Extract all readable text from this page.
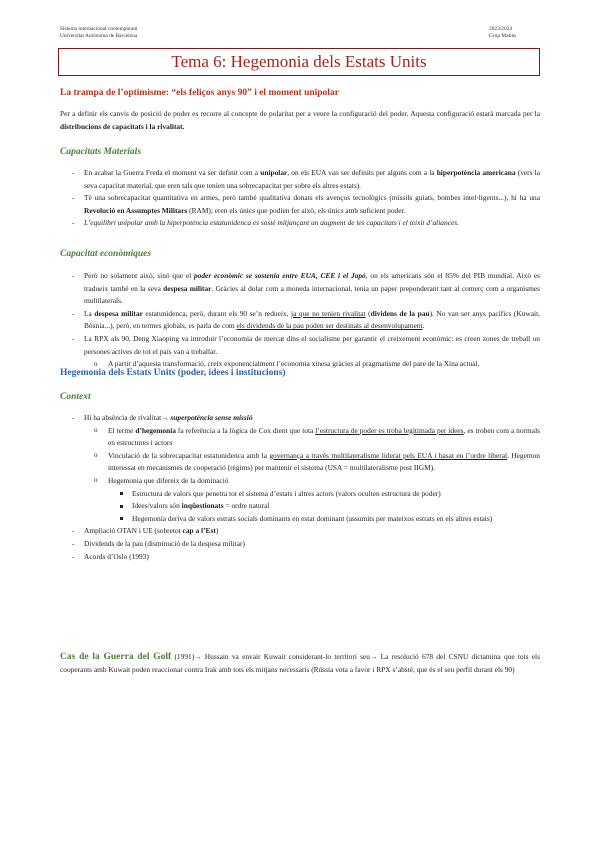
Sistema internacional contemporani
Universitat Autònoma de Barcelona
2023/2024
Grup Matins
Tema 6: Hegemonia dels Estats Units
La trampa de l’optimisme: “els feliços anys 90” i el moment unipolar

Per a definir els canvis de posició de poder es recorre al concepte de polaritat per a veure la configuració del poder. Aquesta configuració estarà marcada per la distribucions de capacitats i la rivalitat.

Capacitats Materials
- En acabar la Guerra Freda el moment va ser definit com a unipolar, on els EUA van ser definits per alguns com a la hiperpotència americana (vers la seva capacitat material, que eren tals que tenien una sobrecapacitat per sobre els altres estats).
- Té una sobrecapacitat quantitativa en armes, però també qualitativa donats els avenços tecnològics (míssils guiats, bombes intel·ligents...), hi ha una Revolució en Assumptes Militars (RAM); eren els únics que podien fer això, els únics amb suficient poder.
- L’equilibri unipolar amb la hiperpotència estatunidenca es sostè mitjançant un augment de les capacitats i el teixit d’aliances.
Capacitat econòmiques
- Però no solament això, sinó que el poder econòmic se sostenia entre EUA, CEE i el Japó, on els americans són el 85% del PIB mundial. Això es tradueix també en la seva despesa militar. Gràcies al dolar com a moneda internacional, tenia un paper preponderant tant al comerç com a organismes multilaterals.
- La despesa militar estatunidenca, però, durant els 90 se’n redueix, ja que no tenien rivalitat (dividens de la pau). No van ser anys pacífics (Kuwait, Bòsnia...), però, en termes globals, es parla de com els dividends de la pau poden ser destinats al desenvolupament.
- La RPX als 90, Deng Xiaoping va introduir l’economia de mercat dins el socialisme per garantir el creixement econòmic: es creen zones de treball on persones actives de tot el país van a treballar.
o A partir d’aquesta transformació, creix exponencialment l’economia xinesa gràcies al pragmatisme del pare de la Xina actual.
Hegemonia dels Estats Units (poder, idees i institucions)
Context
- Hi ha absència de rivalitat→ superpotència sense missió
o El terme d’hegemonia fa referència a la lògica de Cox dient que tota l’estructura de poder es troba legitimada per idees, es troben com a normals en estructures i actors
o Vinculació de la sobrecapacitat estatunidenca amb la governança a través multilateralisme liderat pels EUA i basat en l’ordre liberal. Hegemon interessat en mecanismes de cooperació (règims) per mantenir el sistema (USA = multilateralisme post IIGM).
o Hegemonia que difereix de la dominació
Estructura de valors que penetra tot el sistema d’estats i altres actors (valors oculten estructura de poder)
Idees/valors són inqüestionats = ordre natural
Hegemonia deriva de valors estrats socials dominants en estat dominant (assumits per mateixos estrats en els altres estats)
- Ampliació OTAN i UE (sobretot cap a l’Est)
- Dividends de la pau (disminució de la despesa militar)
- Acords d’Oslo (1993)

Cas de la Guerra del Golf (1991)→ Hussain va envair Kuwait considerant-lo territori seu→ La resolució 678 del CSNU dictamina que tots els cooperants amb Kuwait poden reaccionar contra Irak amb tots els mitjans necessaris (Rússia vota a favor i RPX s’absté, que és el seu perfil durant els 90)
